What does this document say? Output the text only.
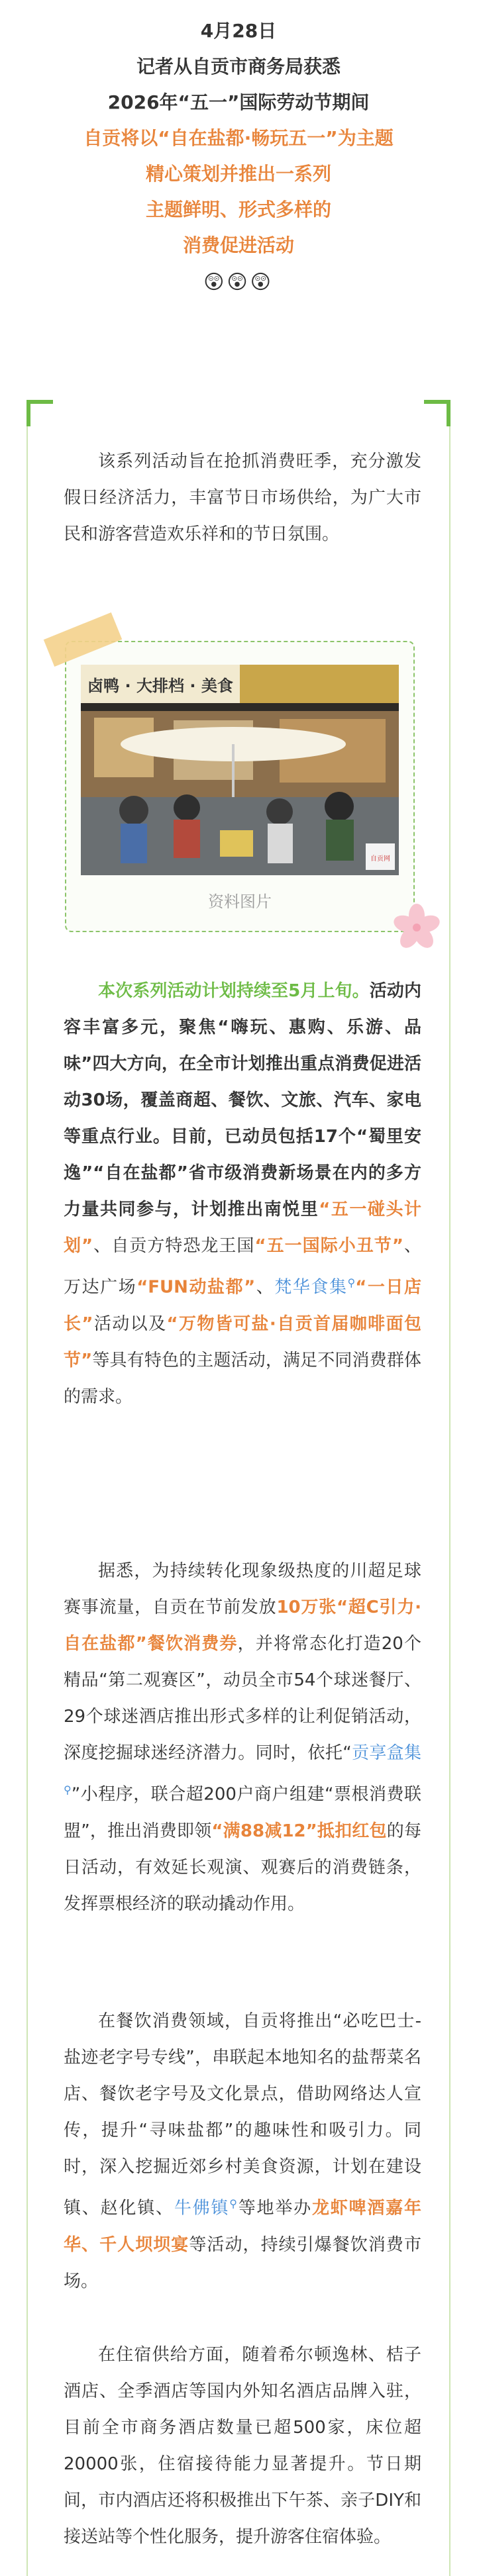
4月28日
记者从自贡市商务局获悉
2026年“五一”国际劳动节期间
自贡将以“自在盐都·畅玩五一”为主题
精心策划并推出一系列
主题鲜明、形式多样的
消费促进活动
😲😲😲

该系列活动旨在抢抓消费旺季，充分激发假日经济活力，丰富节日市场供给，为广大市民和游客营造欢乐祥和的节日氛围。

卤鸭 · 大排档 · 美食
自贡网
资料图片

本次系列活动计划持续至5月上旬。活动内容丰富多元，聚焦“嗨玩、惠购、乐游、品味”四大方向，在全市计划推出重点消费促进活动30场，覆盖商超、餐饮、文旅、汽车、家电等重点行业。目前，已动员包括17个“蜀里安逸”“自在盐都”省市级消费新场景在内的多方力量共同参与，计划推出南悦里“五一碰头计划”、自贡方特恐龙王国“五一国际小丑节”、万达广场“FUN动盐都”、梵华食集⚲“一日店长”活动以及“万物皆可盐·自贡首届咖啡面包节”等具有特色的主题活动，满足不同消费群体的需求。

据悉，为持续转化现象级热度的川超足球赛事流量，自贡在节前发放10万张“超C引力·自在盐都”餐饮消费券，并将常态化打造20个精品“第二观赛区”，动员全市54个球迷餐厅、29个球迷酒店推出形式多样的让利促销活动，深度挖掘球迷经济潜力。同时，依托“贡享盒集⚲”小程序，联合超200户商户组建“票根消费联盟”，推出消费即领“满88减12”抵扣红包的每日活动，有效延长观演、观赛后的消费链条，发挥票根经济的联动撬动作用。

在餐饮消费领域，自贡将推出“必吃巴士-盐迹老字号专线”，串联起本地知名的盐帮菜名店、餐饮老字号及文化景点，借助网络达人宣传，提升“寻味盐都”的趣味性和吸引力。同时，深入挖掘近郊乡村美食资源，计划在建设镇、赵化镇、牛佛镇⚲等地举办龙虾啤酒嘉年华、千人坝坝宴等活动，持续引爆餐饮消费市场。

在住宿供给方面，随着希尔顿逸林、桔子酒店、全季酒店等国内外知名酒店品牌入驻，目前全市商务酒店数量已超500家，床位超20000张，住宿接待能力显著提升。节日期间，市内酒店还将积极推出下午茶、亲子DIY和接送站等个性化服务，提升游客住宿体验。
